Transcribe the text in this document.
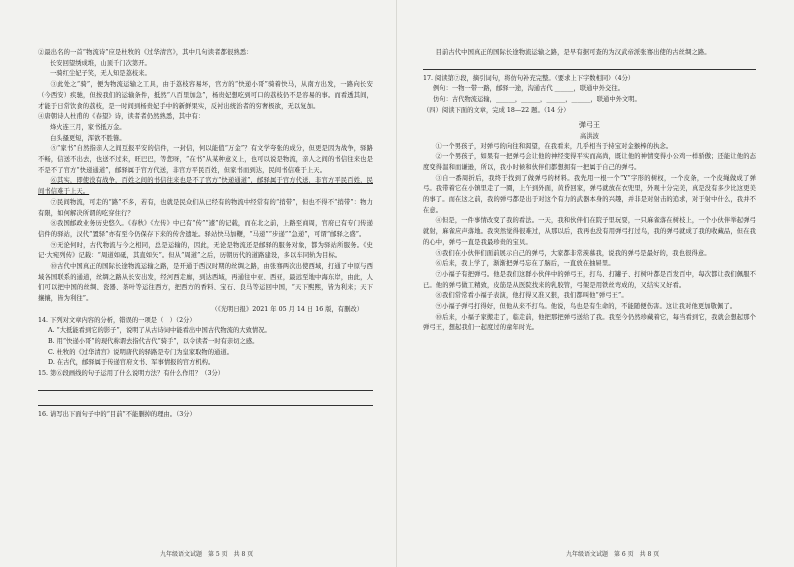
②最出名的一首“物流诗”应是杜牧的《过华清宫》，其中几句读者都很熟悉：

长安回望绣成堆，山顶千门次第开。

一骑红尘妃子笑，无人知是荔枝来。

③此处之“骑”，便为物流运输之工具，由于荔枝容易坏，官方的“快递小哥”骑着快马，从南方出发，一路向长安（今西安）疾驰，但按我们的运输条件，抵然“八百里加急”，杨贵妃想吃到可口的荔枝仍不是容易的事。而看透其间，才能于日常饮食的荔枝，是一时间到杨贵妃手中的新鲜果实，反衬出统治者的穷奢极欲，无以复加。

④唐朝诗人杜甫的《春望》诗，读者者仍然熟悉，其中有：

烽火连三月，家书抵万金。

白头搔更短，浑欲不胜簪。

⑤“家书”自然指亲人之间互报平安的信件，一封信，何以能值“万金”？有文学夸张的成分，但更是因为战争，驿路不畅，信送不出去，也送不过来，旺巴巴，等您呀，“在书”从某种意义上，也可以说是物流，亲人之间的书信往来也是不是不了官方“快递通道”，邮驿属于官方代送，非官方平民百姓，但家书而到达，民间书信难于上天。

⑥其实，即使没有战争，百姓之间的书信往来也是不了官方“快递通道”，邮驿属于官方代送，非官方平民百姓，民间书信难于上天。

⑦民间物流，可走的“路”不多，若有，也就是民众们从已经有的物流中经常有的“捎带”，但也不得不“捎带”：物力有限，如何解决所谓的吃穿住行？

⑧我国邮政业务历史悠久。《春秋》《左传》中已有“传”“遽”的记载，而在北之前，上路至商周，官府已有专门传递信件的驿站，汉代“置驿”亦有至今仍保存下来的传舍遗址。驿站快马加鞭，“马递”“步递”“急递”，可谓“邮驿之盛”。

⑨无论何时，古代物流与今之相同，总是运输的，因此，无论是物流还是邮驿的服务对象，都为驿站所服务。《史记·大宛列传》记载：“周道如砥，其直如矢”。但从“周道”之后，历朝历代的道路建设，多以车同轨为目标。

⑩古代中国真正的国际长途物流运输之路，是开通于西汉时期的丝绸之路，由张骞两次出使西域，打通了中原与西域各国联系的通道，丝绸之路从长安出发，经河西走廊，到达西域，再通往中亚、西亚，最远至地中海东岸，由此，人们可以把中国的丝绸、瓷器、茶叶等运往西方，把西方的香料、宝石、良马等运回中国，“天下熙熙，皆为利来；天下攘攘，皆为利往”。

（《光明日报》2021 年 05 月 14 日 16 版，有删改）

14. 下列对文章内容的分析，错误的一项是（　）（2分）

A. “大抵能看到它的影子”，说明了从古诗词中能看出中国古代物流的大致情况。

B. 用“快递小哥”的现代称谓去指代古代“骑手”，以令读者一时有亲切之感。

C. 杜牧的《过华清宫》说明唐代的驿路是专门为皇家取物的通道。

D. 在古代，邮驿属于传递官府文书、军事情报的官方机构。

15. 第⑥段画线的句子运用了什么说明方法？有什么作用？（3分）

16. 请写出下面句子中的“目前”不能删掉的理由。（3分）

目前古代中国真正的国际长途物流运输之路，是早有据可查的为汉武帝派张骞出使的古丝绸之路。

17. 阅读第⑦段，摘引词句，将仿句补充完整。（要求上下字数相同）（4分）

例句：一物一带一路，邮驿一途，沟通古代 ______，联通中外交往。

仿句：古代物流运输，______，______，______，______，联通中外文明。

（四）阅读下面的文章，完成 18—22 题。（14 分）

弹弓王

高洪波

①一个男孩子，对弹弓的向往和渴望，在我看来，几乎相当于持宝对金猴棒的执念。

②一个男孩子，如果有一把弹弓会让他的神经变得平实而高尚，既让他的神情变得小公鸡一样骄傲；还能让他的态度变得温和而谦逊，所以，我小时候和伙伴们都想拥有一把属于自己的弹弓。

③自一番周折后，我终于找到了做弹弓的材料。我先用一根一个“Y”字形的树杈，一个皮条，一个皮绳做成了弹弓。我带着它在小镇里走了一圈，上午到外面，黄昏回家，弹弓就放在衣兜里，外观十分完美，真是没有多少比这更美的事了。而在这之前，我的弹弓都是出于对这个有力的武器本身的兴趣，并非是对射击的追求，对于射中什么，我并不在意。

④但是，一件事情改变了我的看法。一天，我和伙伴们在院子里玩耍，一只麻雀落在树枝上，一个小伙伴举起弹弓就射，麻雀应声落地。我突然觉得很难过，从那以后，我再也没有用弹弓打过鸟，我的弹弓就成了我的收藏品，但在我的心中，弹弓一直是我最珍贵的宝贝。

⑤我们在小伙伴们面前展示自己的弹弓，大家都非常羡慕我，说我的弹弓是最好的，我也很得意。

⑥后来，我上学了，渐渐把弹弓忘在了脑后，一直放在抽屉里。

⑦小福子有把弹弓。他是我们这群小伙伴中的弹弓王，打鸟、打罐子、打树叶都是百发百中，每次都让我们佩服不已。他的弹弓做工精致，皮筋是从医院找来的乳胶管，弓架是用铁丝弯成的，又结实又好看。

⑧我们常常看小福子表演，他打得又准又狠，我们都叫他“弹弓王”。

⑨小福子弹弓打得好，但他从来不打鸟。他说，鸟也是有生命的，不能随便伤害。这让我对他更加敬佩了。

⑩后来，小福子家搬走了，临走前，他把那把弹弓送给了我。我至今仍然珍藏着它，每当看到它，我就会想起那个弹弓王，想起我们一起度过的童年时光。

九年级语文试题　第 5 页　共 8 页	九年级语文试题　第 6 页　共 8 页
